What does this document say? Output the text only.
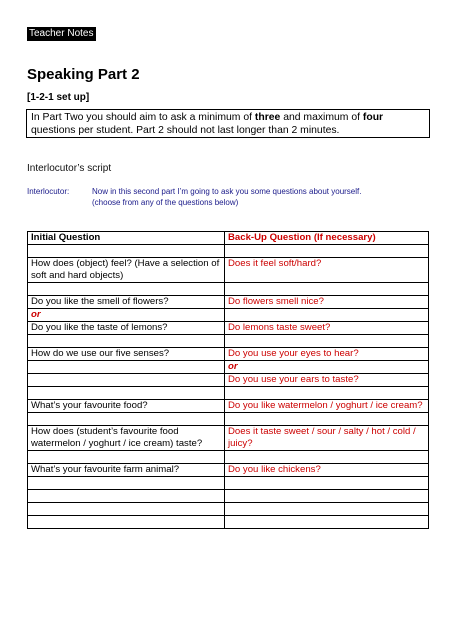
Teacher Notes
Speaking Part 2
[1-2-1 set up]
In Part Two you should aim to ask a minimum of three and maximum of four questions per student. Part 2 should not last longer than 2 minutes.
Interlocutor’s script
Interlocutor:	Now in this second part I’m going to ask you some questions about yourself.
(choose from any of the questions below)
Initial Question	Back-Up Question (If necessary)

How does (object) feel? (Have a selection of soft and hard objects)	Does it feel soft/hard?

Do you like the smell of flowers?	Do flowers smell nice?
or	
Do you like the taste of lemons?	Do lemons taste sweet?

How do we use our five senses?	Do you use your eyes to hear?
	or
	Do you use your ears to taste?

What’s your favourite food?	Do you like watermelon / yoghurt / ice cream?

How does (student’s favourite food watermelon / yoghurt / ice cream) taste?	Does it taste sweet / sour / salty / hot / cold / juicy?

What’s your favourite farm animal?	Do you like chickens?
